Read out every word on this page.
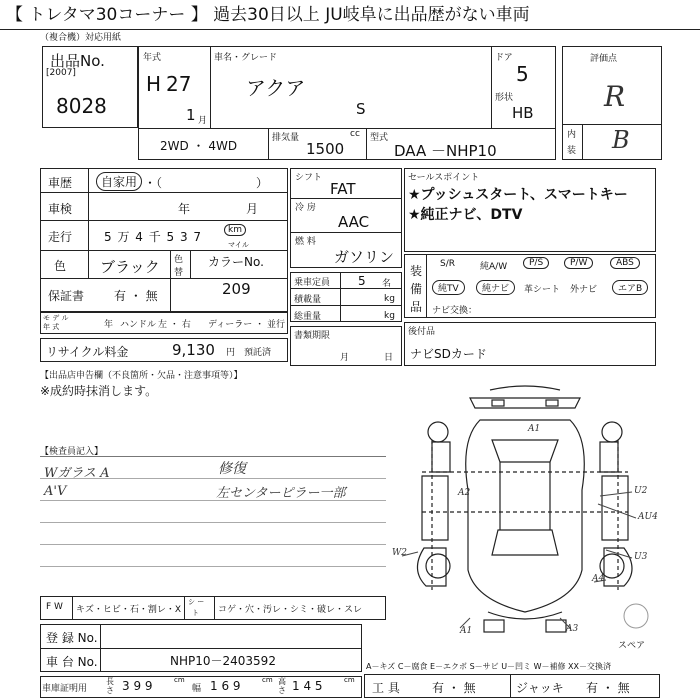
【 トレタマ30コーナー 】 過去30日以上 JU岐阜に出品歴がない車両
（複合機）対応用紙
出品No.
[2007]
8028
年式
H 27
1 月
車名・グレード
アクア
S
ドア
5
形状
HB
2WD ・ 4WD
排気量	cc
1500
型式
DAA －NHP10
評価点
R
内
装 B
車歴	自家用 ・（	）
車検	年	月
走行	5 万 4 千 5 3 7	km
マイル
色 ブラック 色
替
カラーNo.
209
保証書 有 ・ 無
モ デ ル
年 式	年 ハンドル 左 ・ 右 ディーラー ・ 並行
リサイクル料金	9,130 円 預託済
シフト
FAT
冷 房
AAC
燃 料
ガソリン
乗車定員 5 名
積載量	kg
総重量	kg
書類期限
月	日
セールスポイント
★プッシュスタート、スマートキー
★純正ナビ、DTV
装
備
品
S/R	純A/W	P/S	P/W	ABS
純TV	純ナビ	革シート 外ナビ	エアB
ナビ交換：
後付品
ナビSDカード
【出品店申告欄（不良箇所・欠品・注意事項等）】
※成約時抹消します。
【検査員記入】
Wガラス A	修復
A'V	左センターピラー一部
A1
A2	U2
AU4
W2	U3
A4
A1	A3
スペア
F W キズ・ヒビ・石・割レ・X
シ ー
ト コゲ・穴・汚レ・シミ・破レ・スレ
登 録 No.
車 台 No.	NHP10－2403592
車庫証明用
長さ 3 9 9	cm
幅 1 6 9	cm 高さ 1 4 5	cm
A－キズ C－腐食 E－エクボ S－サビ U－凹ミ W－補修 XX－交換済
工 具	有 ・ 無	ジャッキ 有 ・ 無
